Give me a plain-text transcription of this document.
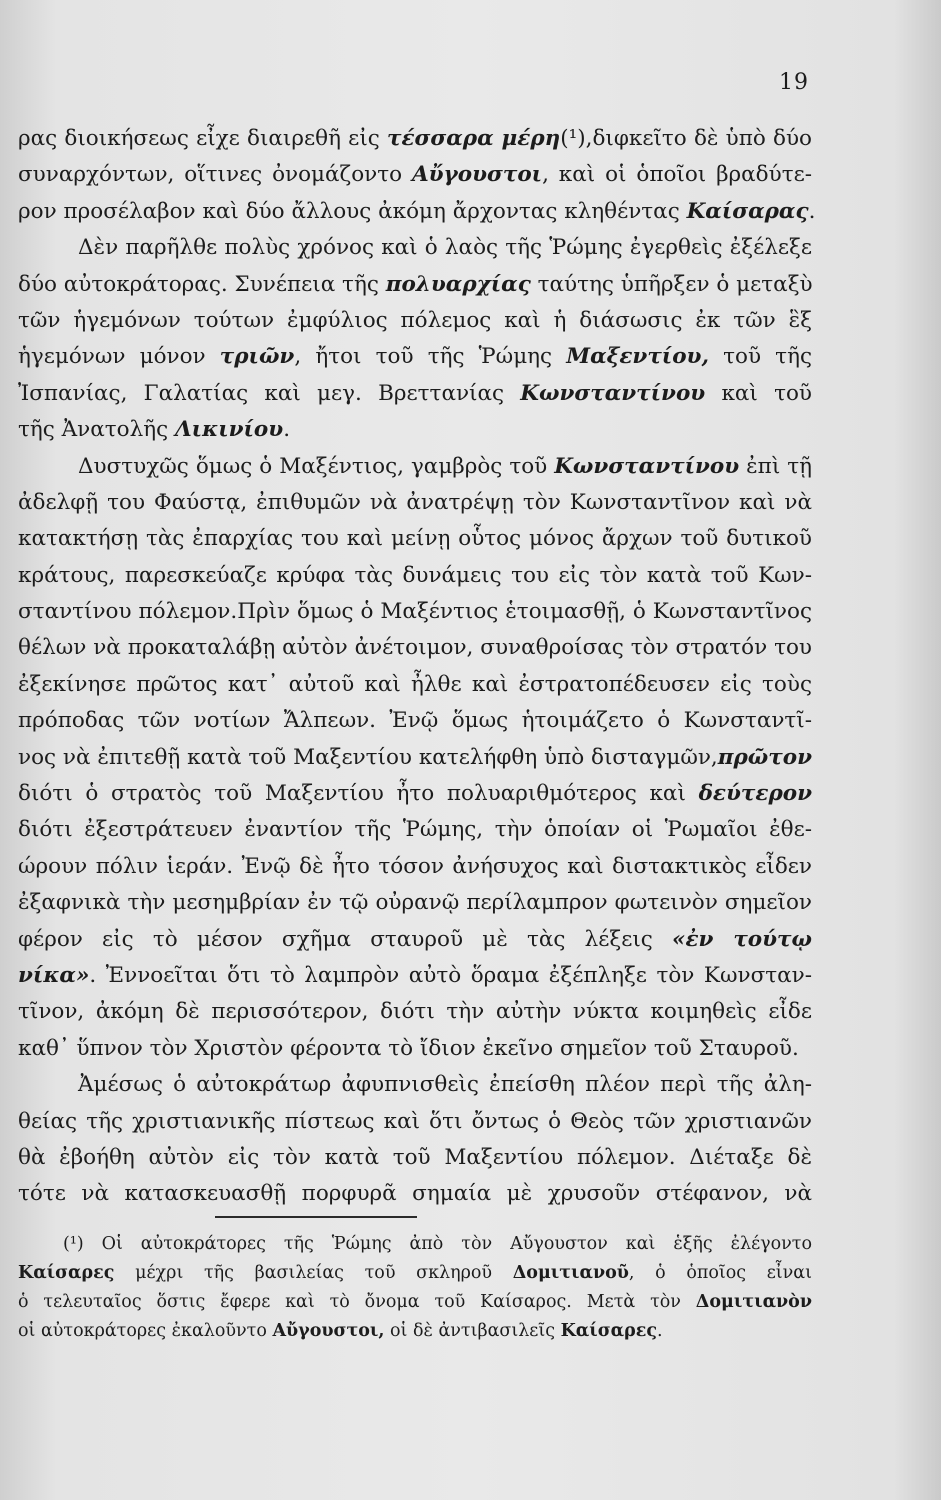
19
ρας διοικήσεως εἶχε διαιρεθῆ εἰς τέσσαρα μέρη(¹),διφκεῖτο δὲ ὑπὸ δύο
συναρχόντων, οἵτινες ὀνομάζοντο Αὔγουστοι, καὶ οἱ ὁποῖοι βραδύτε-
ρον προσέλαβον καὶ δύο ἄλλους ἀκόμη ἄρχοντας κληθέντας Καίσαρας.
Δὲν παρῆλθε πολὺς χρόνος καὶ ὁ λαὸς τῆς Ῥώμης ἐγερθεὶς ἐξέλεξε
δύο αὐτοκράτορας. Συνέπεια τῆς πολυαρχίας ταύτης ὑπῆρξεν ὁ μεταξὺ
τῶν ἡγεμόνων τούτων ἐμφύλιος πόλεμος καὶ ἡ διάσωσις ἐκ τῶν ἓξ
ἡγεμόνων μόνον τριῶν, ἤτοι τοῦ τῆς Ῥώμης Μαξεντίου, τοῦ τῆς
Ἰσπανίας, Γαλατίας καὶ μεγ. Βρεττανίας Κωνσταντίνου καὶ τοῦ
τῆς Ἀνατολῆς Λικινίου.
Δυστυχῶς ὅμως ὁ Μαξέντιος, γαμβρὸς τοῦ Κωνσταντίνου ἐπὶ τῇ
ἀδελφῇ του Φαύστᾳ, ἐπιθυμῶν νὰ ἀνατρέψῃ τὸν Κωνσταντῖνον καὶ νὰ
κατακτήσῃ τὰς ἐπαρχίας του καὶ μείνῃ οὗτος μόνος ἄρχων τοῦ δυτικοῦ
κράτους, παρεσκεύαζε κρύφα τὰς δυνάμεις του εἰς τὸν κατὰ τοῦ Κων-
σταντίνου πόλεμον.Πρὶν ὅμως ὁ Μαξέντιος ἑτοιμασθῇ, ὁ Κωνσταντῖνος
θέλων νὰ προκαταλάβῃ αὐτὸν ἀνέτοιμον, συναθροίσας τὸν στρατόν του
ἐξεκίνησε πρῶτος κατ᾿ αὐτοῦ καὶ ἦλθε καὶ ἐστρατοπέδευσεν εἰς τοὺς
πρόποδας τῶν νοτίων Ἄλπεων. Ἐνῷ ὅμως ἡτοιμάζετο ὁ Κωνσταντῖ-
νος νὰ ἐπιτεθῇ κατὰ τοῦ Μαξεντίου κατελήφθη ὑπὸ δισταγμῶν,πρῶτον
διότι ὁ στρατὸς τοῦ Μαξεντίου ἦτο πολυαριθμότερος καὶ δεύτερον
διότι ἐξεστράτευεν ἐναντίον τῆς Ῥώμης, τὴν ὁποίαν οἱ Ῥωμαῖοι ἐθε-
ώρουν πόλιν ἱεράν. Ἐνῷ δὲ ἦτο τόσον ἀνήσυχος καὶ διστακτικὸς εἶδεν
ἐξαφνικὰ τὴν μεσημβρίαν ἐν τῷ οὐρανῷ περίλαμπρον φωτεινὸν σημεῖον
φέρον εἰς τὸ μέσον σχῆμα σταυροῦ μὲ τὰς λέξεις «ἐν τούτῳ
νίκα». Ἐννοεῖται ὅτι τὸ λαμπρὸν αὐτὸ ὅραμα ἐξέπληξε τὸν Κωνσταν-
τῖνον, ἀκόμη δὲ περισσότερον, διότι τὴν αὐτὴν νύκτα κοιμηθεὶς εἶδε
καθ᾿ ὕπνον τὸν Χριστὸν φέροντα τὸ ἴδιον ἐκεῖνο σημεῖον τοῦ Σταυροῦ.
Ἀμέσως ὁ αὐτοκράτωρ ἀφυπνισθεὶς ἐπείσθη πλέον περὶ τῆς ἀλη-
θείας τῆς χριστιανικῆς πίστεως καὶ ὅτι ὄντως ὁ Θεὸς τῶν χριστιανῶν
θὰ ἐβοήθη αὐτὸν εἰς τὸν κατὰ τοῦ Μαξεντίου πόλεμον. Διέταξε δὲ
τότε νὰ κατασκευασθῇ πορφυρᾶ σημαία μὲ χρυσοῦν στέφανον, νὰ
(¹) Οἱ αὐτοκράτορες τῆς Ῥώμης ἀπὸ τὸν Αὔγουστον καὶ ἑξῆς ἐλέγοντο
Καίσαρες μέχρι τῆς βασιλείας τοῦ σκληροῦ Δομιτιανοῦ, ὁ ὁποῖος εἶναι
ὁ τελευταῖος ὅστις ἔφερε καὶ τὸ ὄνομα τοῦ Καίσαρος. Μετὰ τὸν Δομιτιανὸν
οἱ αὐτοκράτορες ἐκαλοῦντο Αὔγουστοι, οἱ δὲ ἀντιβασιλεῖς Καίσαρες.
